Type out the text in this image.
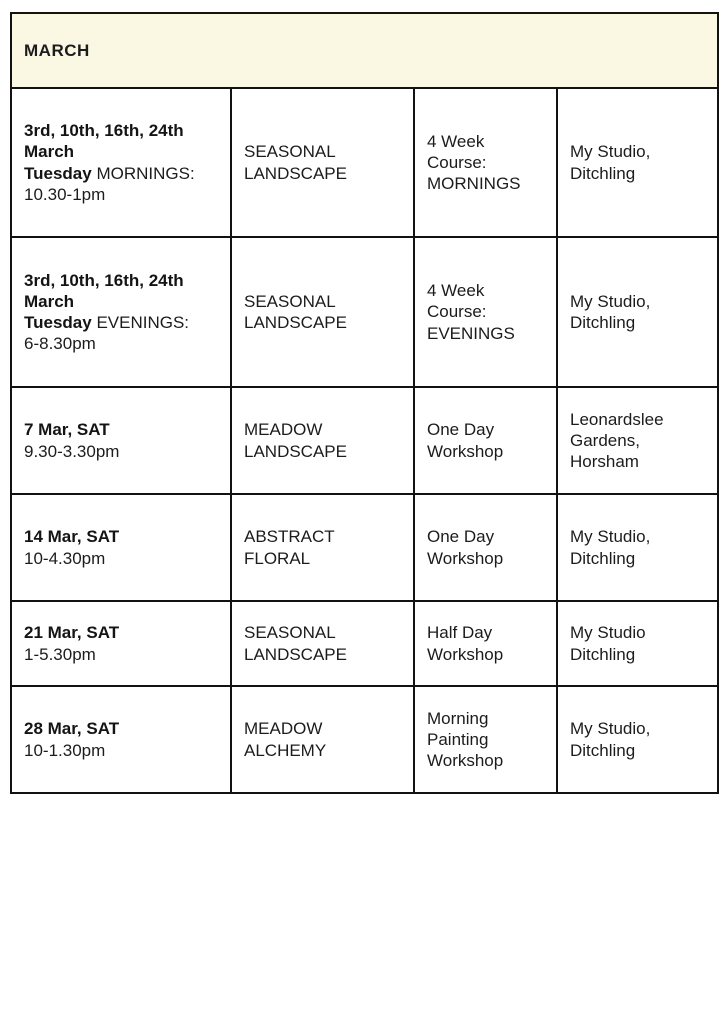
MARCH			

3rd, 10th, 16th, 24th March
Tuesday MORNINGS:
10.30-1pm	SEASONAL LANDSCAPE	4 Week Course: MORNINGS	My Studio, Ditchling

3rd, 10th, 16th, 24th March
Tuesday EVENINGS:
6-8.30pm	SEASONAL LANDSCAPE	4 Week Course: EVENINGS	My Studio, Ditchling

7 Mar, SAT
9.30-3.30pm	MEADOW LANDSCAPE	One Day Workshop	Leonardslee Gardens, Horsham

14 Mar, SAT
10-4.30pm	ABSTRACT FLORAL	One Day Workshop	My Studio, Ditchling

21 Mar, SAT
1-5.30pm	SEASONAL LANDSCAPE	Half Day Workshop	My Studio Ditchling

28 Mar, SAT
10-1.30pm	MEADOW ALCHEMY	Morning Painting Workshop	My Studio, Ditchling
